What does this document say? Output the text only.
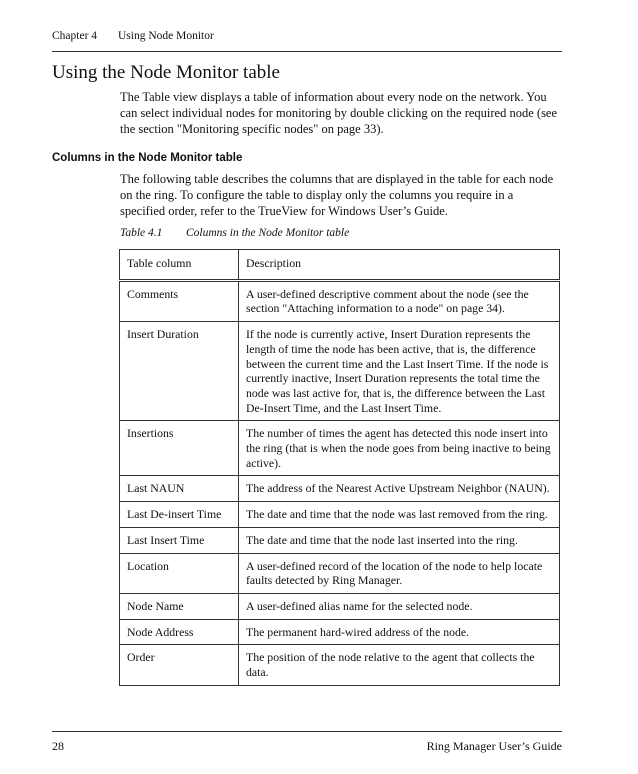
Chapter 4 Using Node Monitor
Using the Node Monitor table

The Table view displays a table of information about every node on the network. You can select individual nodes for monitoring by double clicking on the required node (see the section "Monitoring specific nodes" on page 33).

Columns in the Node Monitor table

The following table describes the columns that are displayed in the table for each node on the ring. To configure the table to display only the columns you require in a specified order, refer to the TrueView for Windows User’s Guide.

Table 4.1 Columns in the Node Monitor table
Table column	Description
Comments	A user-defined descriptive comment about the node (see the section "Attaching information to a node" on page 34).
Insert Duration	If the node is currently active, Insert Duration represents the length of time the node has been active, that is, the difference between the current time and the Last Insert Time. If the node is currently inactive, Insert Duration represents the total time the node was last active for, that is, the difference between the Last De-Insert Time, and the Last Insert Time.
Insertions	The number of times the agent has detected this node insert into the ring (that is when the node goes from being inactive to being active).
Last NAUN	The address of the Nearest Active Upstream Neighbor (NAUN).
Last De-insert Time	The date and time that the node was last removed from the ring.
Last Insert Time	The date and time that the node last inserted into the ring.
Location	A user-defined record of the location of the node to help locate faults detected by Ring Manager.
Node Name	A user-defined alias name for the selected node.
Node Address	The permanent hard-wired address of the node.
Order	The position of the node relative to the agent that collects the data.
28	Ring Manager User’s Guide
